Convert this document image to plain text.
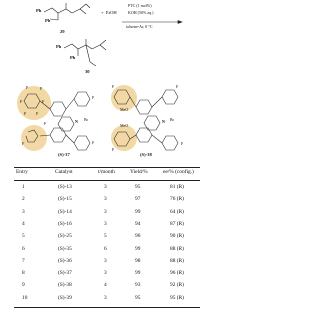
Ph
Ph
29
+ EtOH
PTC (1 mol%)
KOH (50% aq.)
toluene-Ar, 0 °C
Ph
Ph
30
F	F
F	F
F F
F
F	N Br
F
F
(S)-37
F
MeO
MeO
N Br
F
F
F
(S)-38
Entry	Catalyst	t/month	Yield/%	ee/% (config.)
1	(S)-13	3	95	81 (R)
2	(S)-15	3	97	76 (R)
3	(S)-14	3	99	64 (R)
4	(S)-16	3	94	87 (R)
5	(S)-25	5	96	90 (R)
6	(S)-35	6	99	88 (R)
7	(S)-36	3	98	88 (R)
8	(S)-37	3	99	96 (R)
9	(S)-38	4	93	92 (R)
10	(S)-39	3	95	95 (R)
